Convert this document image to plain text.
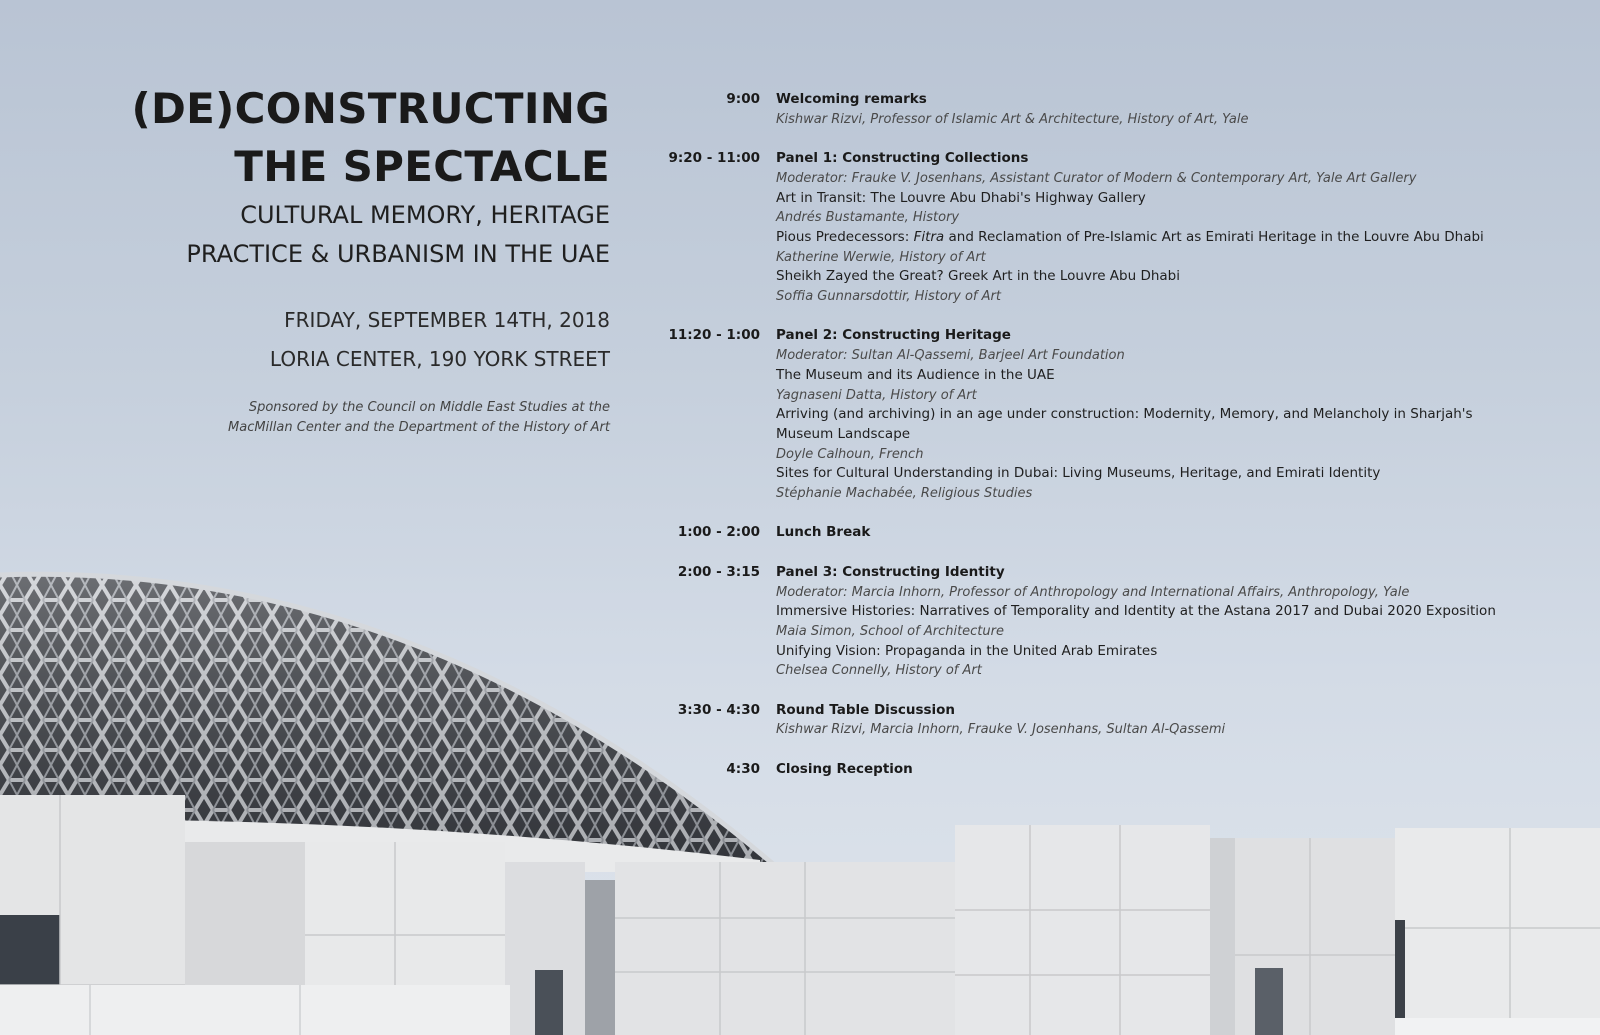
(DE)CONSTRUCTING
THE SPECTACLE
CULTURAL MEMORY, HERITAGE
PRACTICE & URBANISM IN THE UAE
FRIDAY, SEPTEMBER 14TH, 2018
LORIA CENTER, 190 YORK STREET
Sponsored by the Council on Middle East Studies at the
MacMillan Center and the Department of the History of Art
9:00	Welcoming remarks
Kishwar Rizvi, Professor of Islamic Art & Architecture, History of Art, Yale
9:20 - 11:00	Panel 1: Constructing Collections
Moderator: Frauke V. Josenhans, Assistant Curator of Modern & Contemporary Art, Yale Art Gallery
Art in Transit: The Louvre Abu Dhabi's Highway Gallery
Andrés Bustamante, History
Pious Predecessors: Fitra and Reclamation of Pre-Islamic Art as Emirati Heritage in the Louvre Abu Dhabi
Katherine Werwie, History of Art
Sheikh Zayed the Great? Greek Art in the Louvre Abu Dhabi
Soffia Gunnarsdottir, History of Art
11:20 - 1:00	Panel 2: Constructing Heritage
Moderator: Sultan Al-Qassemi, Barjeel Art Foundation
The Museum and its Audience in the UAE
Yagnaseni Datta, History of Art
Arriving (and archiving) in an age under construction: Modernity, Memory, and Melancholy in Sharjah's
Museum Landscape
Doyle Calhoun, French
Sites for Cultural Understanding in Dubai: Living Museums, Heritage, and Emirati Identity
Stéphanie Machabée, Religious Studies
1:00 - 2:00	Lunch Break
2:00 - 3:15	Panel 3: Constructing Identity
Moderator: Marcia Inhorn, Professor of Anthropology and International Affairs, Anthropology, Yale
Immersive Histories: Narratives of Temporality and Identity at the Astana 2017 and Dubai 2020 Exposition
Maia Simon, School of Architecture
Unifying Vision: Propaganda in the United Arab Emirates
Chelsea Connelly, History of Art
3:30 - 4:30	Round Table Discussion
Kishwar Rizvi, Marcia Inhorn, Frauke V. Josenhans, Sultan Al-Qassemi
4:30	Closing Reception
